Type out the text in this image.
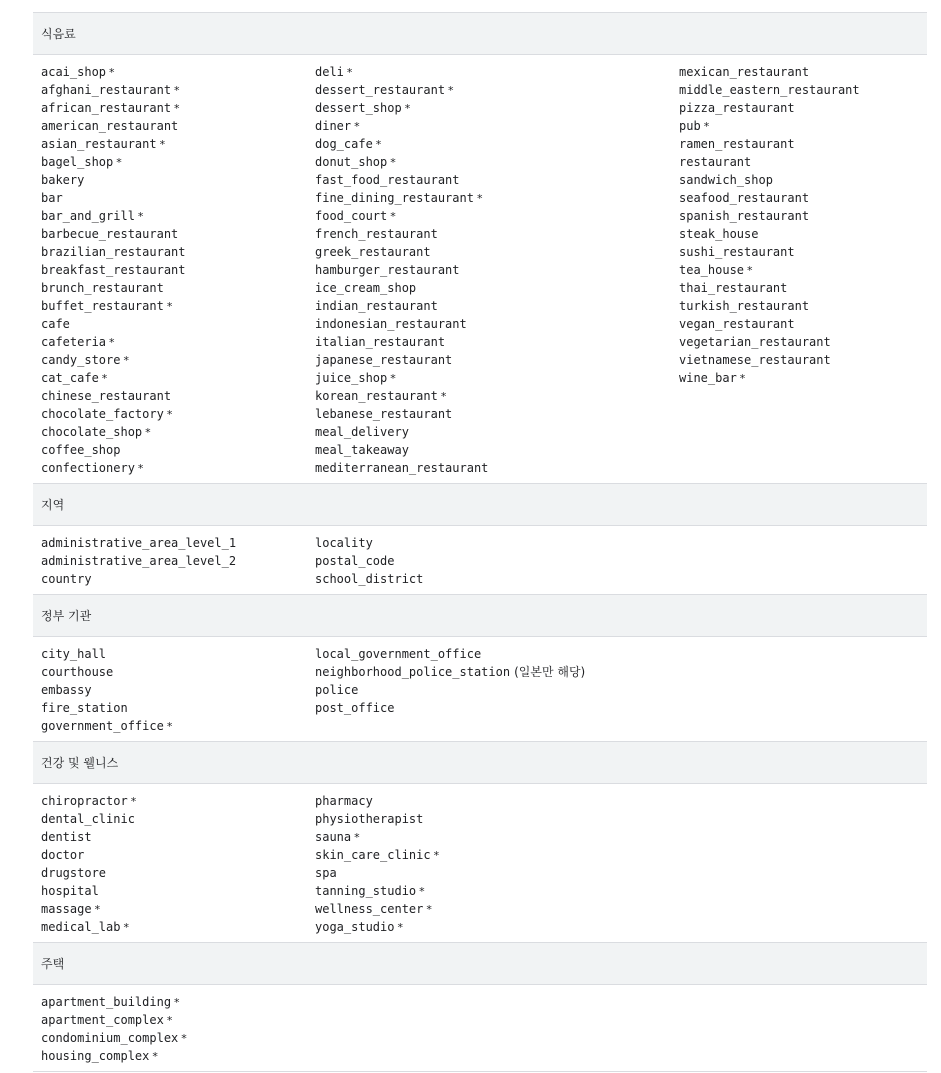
식음료
acai_shop *
afghani_restaurant *
african_restaurant *
american_restaurant
asian_restaurant *
bagel_shop *
bakery
bar
bar_and_grill *
barbecue_restaurant
brazilian_restaurant
breakfast_restaurant
brunch_restaurant
buffet_restaurant *
cafe
cafeteria *
candy_store *
cat_cafe *
chinese_restaurant
chocolate_factory *
chocolate_shop *
coffee_shop
confectionery *
deli *
dessert_restaurant *
dessert_shop *
diner *
dog_cafe *
donut_shop *
fast_food_restaurant
fine_dining_restaurant *
food_court *
french_restaurant
greek_restaurant
hamburger_restaurant
ice_cream_shop
indian_restaurant
indonesian_restaurant
italian_restaurant
japanese_restaurant
juice_shop *
korean_restaurant *
lebanese_restaurant
meal_delivery
meal_takeaway
mediterranean_restaurant
mexican_restaurant
middle_eastern_restaurant
pizza_restaurant
pub *
ramen_restaurant
restaurant
sandwich_shop
seafood_restaurant
spanish_restaurant
steak_house
sushi_restaurant
tea_house *
thai_restaurant
turkish_restaurant
vegan_restaurant
vegetarian_restaurant
vietnamese_restaurant
wine_bar *
지역
administrative_area_level_1
administrative_area_level_2
country
locality
postal_code
school_district
정부 기관
city_hall
courthouse
embassy
fire_station
government_office *
local_government_office
neighborhood_police_station (일본만 해당)
police
post_office
건강 및 웰니스
chiropractor *
dental_clinic
dentist
doctor
drugstore
hospital
massage *
medical_lab *
pharmacy
physiotherapist
sauna *
skin_care_clinic *
spa
tanning_studio *
wellness_center *
yoga_studio *
주택
apartment_building *
apartment_complex *
condominium_complex *
housing_complex *
